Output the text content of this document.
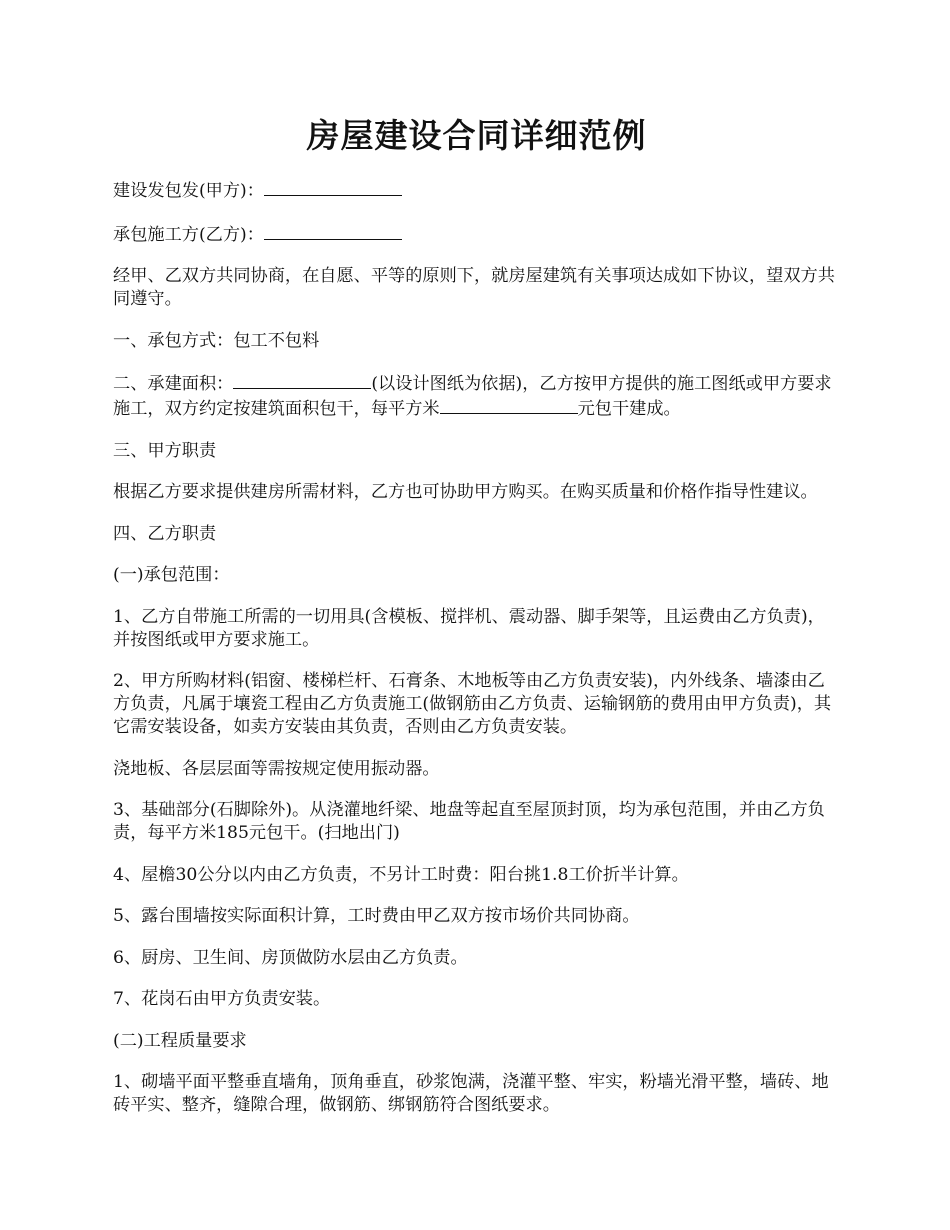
房屋建设合同详细范例

建设发包发(甲方)：

承包施工方(乙方)：

经甲、乙双方共同协商，在自愿、平等的原则下，就房屋建筑有关事项达成如下协议，望双方共同遵守。

一、承包方式：包工不包料

二、承建面积：	(以设计图纸为依据)，乙方按甲方提供的施工图纸或甲方要求施工，双方约定按建筑面积包干，每平方米	元包干建成。

三、甲方职责

根据乙方要求提供建房所需材料，乙方也可协助甲方购买。在购买质量和价格作指导性建议。

四、乙方职责

(一)承包范围：

1、乙方自带施工所需的一切用具(含模板、搅拌机、震动器、脚手架等，且运费由乙方负责)，并按图纸或甲方要求施工。

2、甲方所购材料(铝窗、楼梯栏杆、石膏条、木地板等由乙方负责安装)，内外线条、墙漆由乙方负责，凡属于壤瓷工程由乙方负责施工(做钢筋由乙方负责、运输钢筋的费用由甲方负责)，其它需安装设备，如卖方安装由其负责，否则由乙方负责安装。

浇地板、各层层面等需按规定使用振动器。

3、基础部分(石脚除外)。从浇灌地纤梁、地盘等起直至屋顶封顶，均为承包范围，并由乙方负责，每平方米185元包干。(扫地出门)

4、屋檐30公分以内由乙方负责，不另计工时费：阳台挑1.8工价折半计算。

5、露台围墙按实际面积计算，工时费由甲乙双方按市场价共同协商。

6、厨房、卫生间、房顶做防水层由乙方负责。

7、花岗石由甲方负责安装。

(二)工程质量要求

1、砌墙平面平整垂直墙角，顶角垂直，砂浆饱满，浇灌平整、牢实，粉墙光滑平整，墙砖、地砖平实、整齐，缝隙合理，做钢筋、绑钢筋符合图纸要求。
